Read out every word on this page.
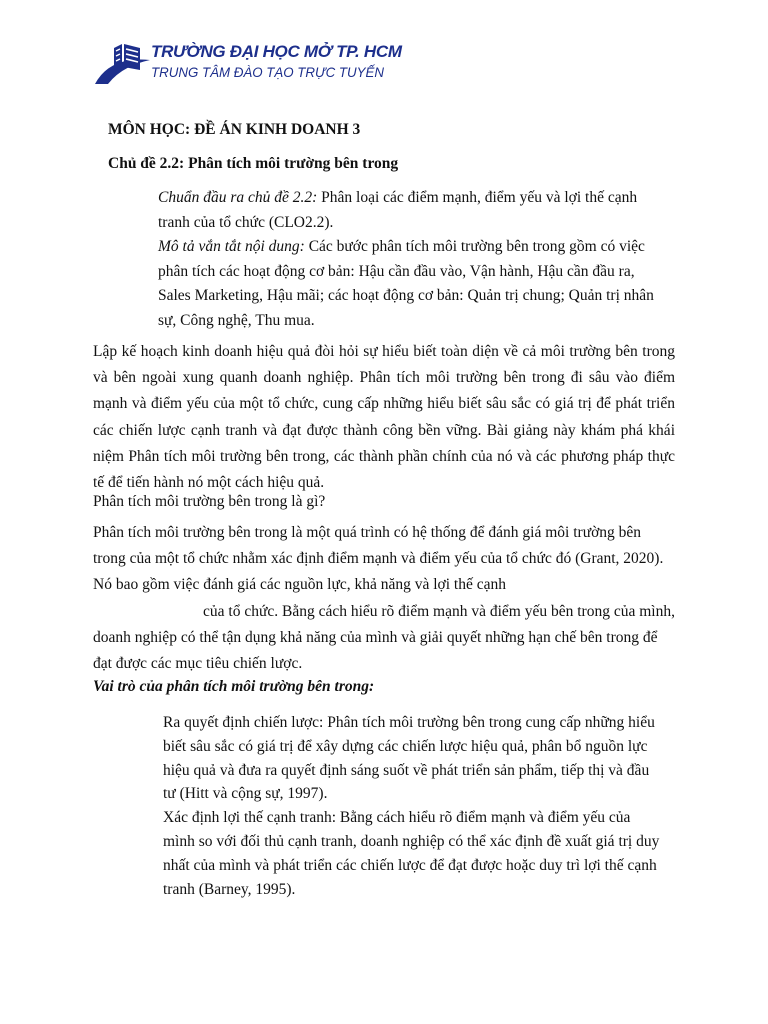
TRƯỜNG ĐẠI HỌC MỞ TP. HCM
TRUNG TÂM ĐÀO TẠO TRỰC TUYẾN

MÔN HỌC: ĐỀ ÁN KINH DOANH 3

Chủ đề 2.2: Phân tích môi trường bên trong

Chuẩn đầu ra chủ đề 2.2: Phân loại các điểm mạnh, điểm yếu và lợi thế cạnh tranh của tổ chức (CLO2.2).

Mô tả vắn tắt nội dung: Các bước phân tích môi trường bên trong gồm có việc phân tích các hoạt động cơ bản: Hậu cần đầu vào, Vận hành, Hậu cần đầu ra, Sales Marketing, Hậu mãi; các hoạt động cơ bản: Quản trị chung; Quản trị nhân sự, Công nghệ, Thu mua.

Lập kế hoạch kinh doanh hiệu quả đòi hỏi sự hiểu biết toàn diện về cả môi trường bên trong và bên ngoài xung quanh doanh nghiệp. Phân tích môi trường bên trong đi sâu vào điểm mạnh và điểm yếu của một tổ chức, cung cấp những hiểu biết sâu sắc có giá trị để phát triển các chiến lược cạnh tranh và đạt được thành công bền vững. Bài giảng này khám phá khái niệm Phân tích môi trường bên trong, các thành phần chính của nó và các phương pháp thực tế để tiến hành nó một cách hiệu quả.

Phân tích môi trường bên trong là gì?

Phân tích môi trường bên trong là một quá trình có hệ thống để đánh giá môi trường bên trong của một tổ chức nhằm xác định điểm mạnh và điểm yếu của tổ chức đó (Grant, 2020). Nó bao gồm việc đánh giá các nguồn lực, khả năng và lợi thế cạnh
của tổ chức. Bằng cách hiểu rõ điểm mạnh và điểm yếu bên trong của mình, doanh nghiệp có thể tận dụng khả năng của mình và giải quyết những hạn chế bên trong để đạt được các mục tiêu chiến lược.

Vai trò của phân tích môi trường bên trong:

Ra quyết định chiến lược: Phân tích môi trường bên trong cung cấp những hiểu biết sâu sắc có giá trị để xây dựng các chiến lược hiệu quả, phân bổ nguồn lực hiệu quả và đưa ra quyết định sáng suốt về phát triển sản phẩm, tiếp thị và đầu tư (Hitt và cộng sự, 1997).

Xác định lợi thế cạnh tranh: Bằng cách hiểu rõ điểm mạnh và điểm yếu của mình so với đối thủ cạnh tranh, doanh nghiệp có thể xác định đề xuất giá trị duy nhất của mình và phát triển các chiến lược để đạt được hoặc duy trì lợi thế cạnh tranh (Barney, 1995).
